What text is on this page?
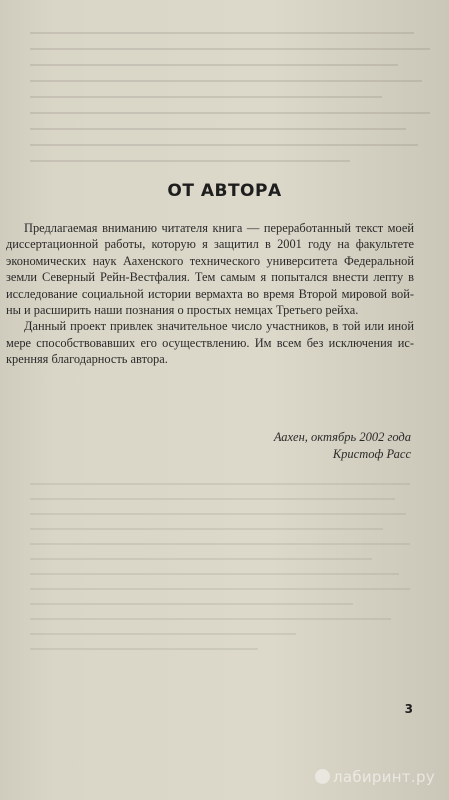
ОТ АВТОРА
Предлагаемая вниманию читателя книга — переработанный текст моей
диссертационной работы, которую я защитил в 2001 году на факультете
экономических наук Аахенского технического университета Федеральной
земли Северный Рейн-Вестфалия. Тем самым я попытался внести лепту в
исследование социальной истории вермахта во время Второй мировой вой-
ны и расширить наши познания о простых немцах Третьего рейха.
Данный проект привлек значительное число участников, в той или иной
мере способствовавших его осуществлению. Им всем без исключения ис-
кренняя благодарность автора.
Аахен, октябрь 2002 года
Кристоф Расс
3
лабиринт.ру
